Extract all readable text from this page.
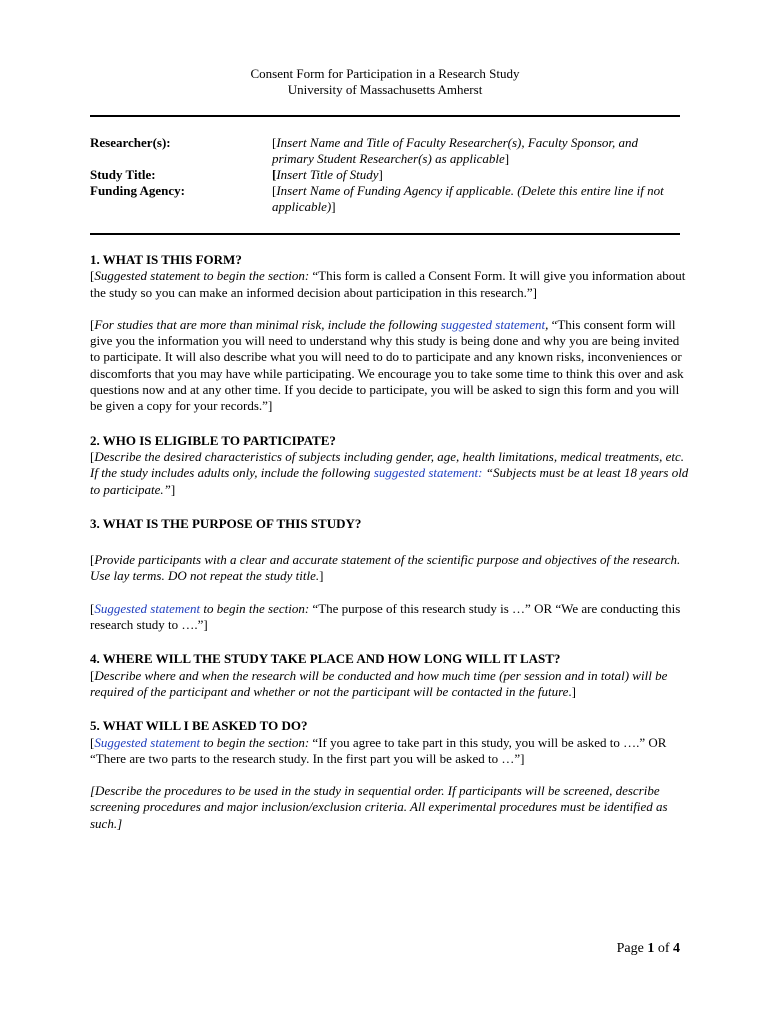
Consent Form for Participation in a Research Study
University of Massachusetts Amherst
Researcher(s):	[Insert Name and Title of Faculty Researcher(s), Faculty Sponsor, and primary Student Researcher(s) as applicable]
Study Title:	[Insert Title of Study]
Funding Agency:	[Insert Name of Funding Agency if applicable. (Delete this entire line if not applicable)]

1. WHAT IS THIS FORM?

[Suggested statement to begin the section: “This form is called a Consent Form. It will give you information about the study so you can make an informed decision about participation in this research.”]

[For studies that are more than minimal risk, include the following suggested statement, “This consent form will give you the information you will need to understand why this study is being done and why you are being invited to participate. It will also describe what you will need to do to participate and any known risks, inconveniences or discomforts that you may have while participating. We encourage you to take some time to think this over and ask questions now and at any other time. If you decide to participate, you will be asked to sign this form and you will be given a copy for your records.”]

2. WHO IS ELIGIBLE TO PARTICIPATE?

[Describe the desired characteristics of subjects including gender, age, health limitations, medical treatments, etc. If the study includes adults only, include the following suggested statement: “Subjects must be at least 18 years old to participate.”]

3. WHAT IS THE PURPOSE OF THIS STUDY?

[Provide participants with a clear and accurate statement of the scientific purpose and objectives of the research. Use lay terms. DO not repeat the study title.]

[Suggested statement to begin the section: “The purpose of this research study is …” OR “We are conducting this research study to ….”]

4. WHERE WILL THE STUDY TAKE PLACE AND HOW LONG WILL IT LAST?

[Describe where and when the research will be conducted and how much time (per session and in total) will be required of the participant and whether or not the participant will be contacted in the future.]

5. WHAT WILL I BE ASKED TO DO?

[Suggested statement to begin the section: “If you agree to take part in this study, you will be asked to ….” OR “There are two parts to the research study. In the first part you will be asked to …”]

[Describe the procedures to be used in the study in sequential order. If participants will be screened, describe screening procedures and major inclusion/exclusion criteria. All experimental procedures must be identified as such.]

Page 1 of 4
